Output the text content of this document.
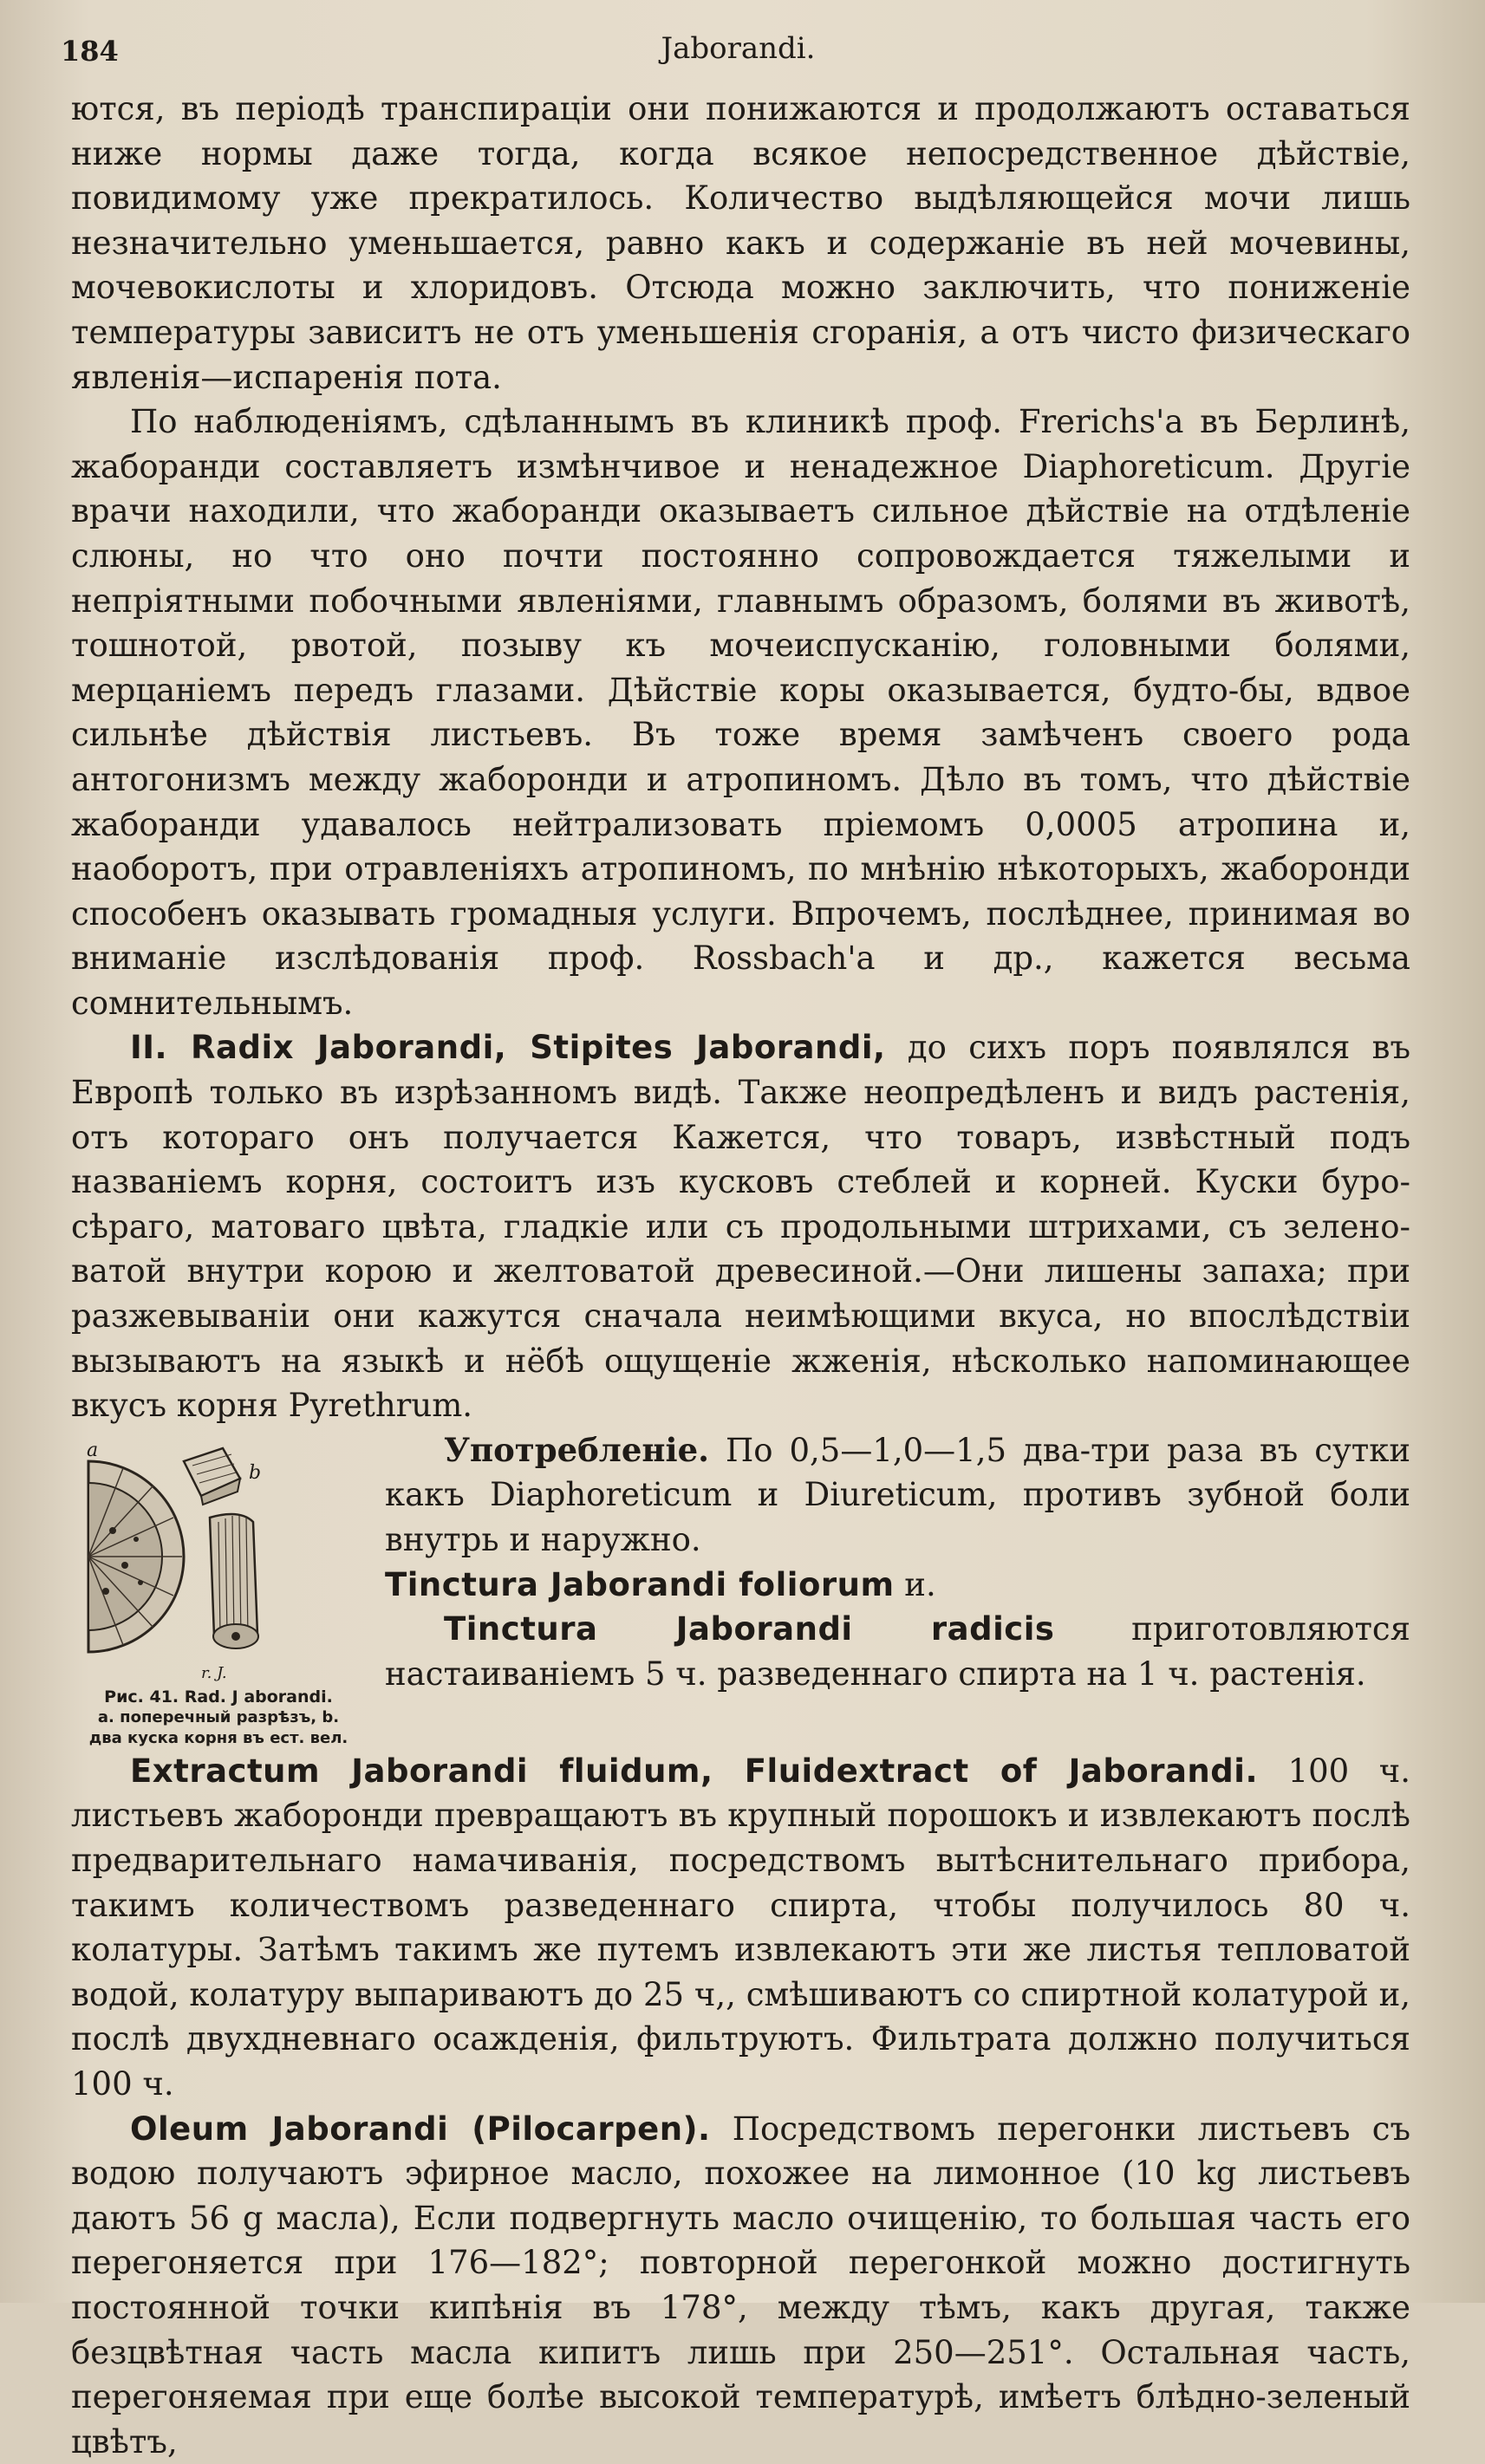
184	Jaborandi.

ются, въ періодѣ транспираціи они понижаются и продолжаютъ оставаться ниже нормы даже тогда, когда всякое непосредственное дѣйствіе, повидимому уже прекратилось. Количество выдѣляющейся мочи лишь незначительно уменьшается, равно какъ и содержаніе въ ней мочевины, мочевокислоты и хлоридовъ. Отсюда можно заключить, что пониженіе температуры зависитъ не отъ уменьшенія сгоранія, а отъ чисто физическаго явленія—испаренія пота.

По наблюденіямъ, сдѣланнымъ въ клиникѣ проф. Frerichs'а въ Берлинѣ, жаборанди составляетъ измѣнчивое и ненадежное Diaphoreticum. Другіе врачи находили, что жаборанди оказываетъ сильное дѣйствіе на отдѣленіе слюны, но что оно почти постоянно сопровождается тяжелыми и непріятными побочными явленіями, главнымъ образомъ, болями въ животѣ, тошнотой, рвотой, позыву къ мочеиспусканію, головными болями, мерцаніемъ передъ глазами. Дѣйствіе коры оказывается, будто-бы, вдвое сильнѣе дѣйствія листьевъ. Въ тоже время замѣченъ своего рода антогонизмъ между жаборонди и атропиномъ. Дѣло въ томъ, что дѣйствіе жаборанди удавалось нейтрализовать пріемомъ 0,0005 атропина и, наоборотъ, при отравленіяхъ атропиномъ, по мнѣнію нѣкоторыхъ, жаборонди способенъ оказывать громадныя услуги. Впрочемъ, послѣднее, принимая во вниманіе изслѣдованія проф. Rossbach'а и др., кажется весьма сомнительнымъ.

II. Radix Jaborandi, Stipites Jaborandi, до сихъ поръ появлялся въ Европѣ только въ изрѣзанномъ видѣ. Также неопредѣленъ и видъ растенія, отъ котораго онъ получается Кажется, что товаръ, извѣстный подъ названіемъ корня, состоитъ изъ кусковъ стеблей и корней. Куски буро-сѣраго, матоваго цвѣта, гладкіе или съ продольными штрихами, съ зелено-ватой внутри корою и желтоватой древесиной.—Они лишены запаха; при разжевываніи они кажутся сначала неимѣющими вкуса, но впослѣдствіи вызываютъ на языкѣ и нёбѣ ощущеніе жженія, нѣсколько напоминающее вкусъ корня Pyrethrum.

a
b
r. J.
Рис. 41. Rad. J aborandi.
a. поперечный разрѣзъ, b.
два куска корня въ ест. вел.

Употребленіе. По 0,5—1,0—1,5 два-три раза въ сутки какъ Diaphoreticum и Diureticum, противъ зубной боли внутрь и наружно.

Tinctura Jaborandi foliorum и.

Tinctura Jaborandi radicis приготовляются настаиваніемъ 5 ч. разведеннаго спирта на 1 ч. растенія.

Extractum Jaborandi fluidum, Fluidextract of Jaborandi. 100 ч. листьевъ жаборонди превращаютъ въ крупный порошокъ и извлекаютъ послѣ предварительнаго намачиванія, посредствомъ вытѣснительнаго прибора, такимъ количествомъ разведеннаго спирта, чтобы получилось 80 ч. колатуры. Затѣмъ такимъ же путемъ извлекаютъ эти же листья тепловатой водой, колатуру выпариваютъ до 25 ч,, смѣшиваютъ со спиртной колатурой и, послѣ двухдневнаго осажденія, фильтруютъ. Фильтрата должно получиться 100 ч.

Oleum Jaborandi (Pilocarpen). Посредствомъ перегонки листьевъ съ водою получаютъ эфирное масло, похожее на лимонное (10 kg листьевъ даютъ 56 g масла), Если подвергнуть масло очищенію, то большая часть его перегоняется при 176—182°; повторной перегонкой можно достигнуть постоянной точки кипѣнія въ 178°, между тѣмъ, какъ другая, также безцвѣтная часть масла кипитъ лишь при 250—251°. Остальная часть, перегоняемая при еще болѣе высокой температурѣ, имѣетъ блѣдно-зеленый цвѣтъ,
